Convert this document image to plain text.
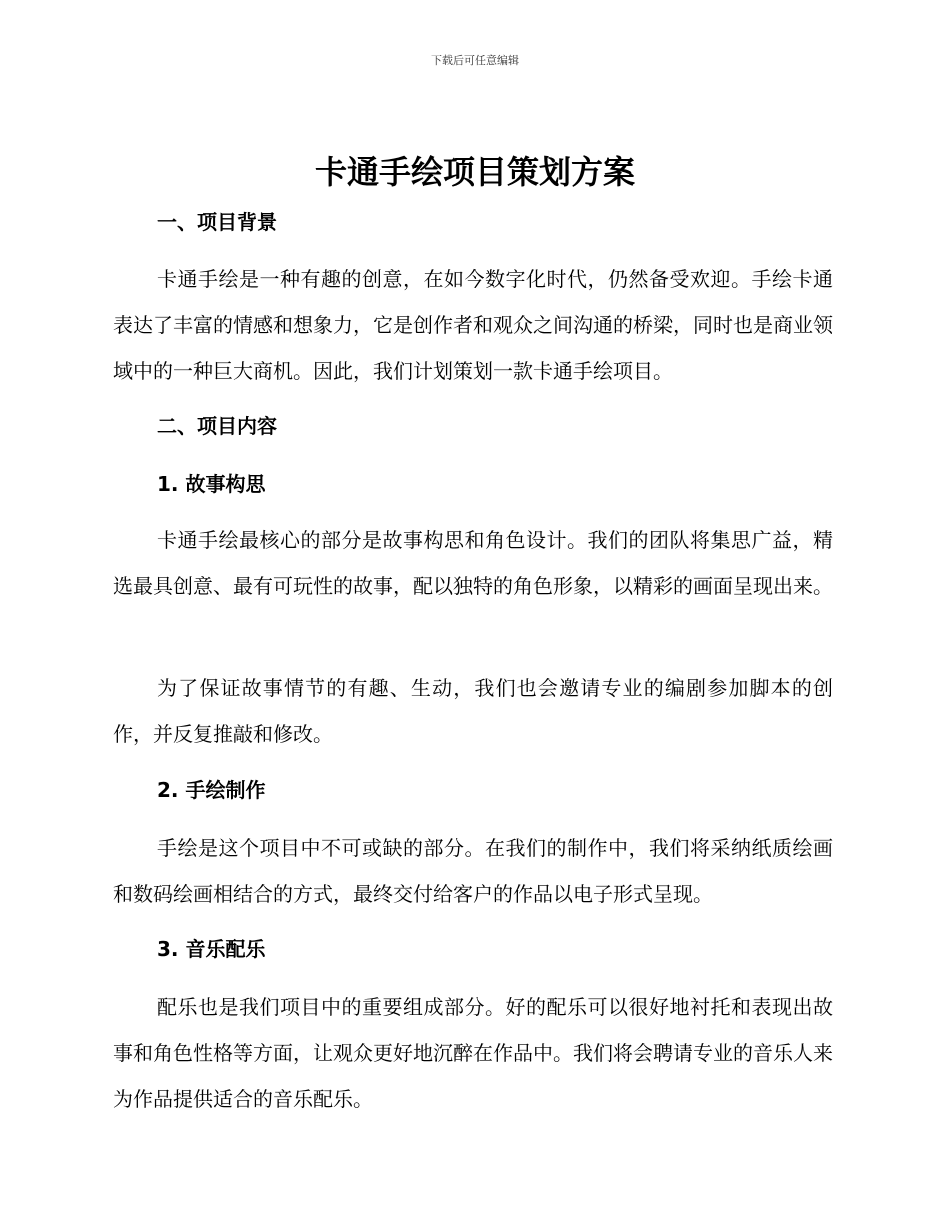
下载后可任意编辑
卡通手绘项目策划方案
一、项目背景

卡通手绘是一种有趣的创意，在如今数字化时代，仍然备受欢迎。手绘卡通表达了丰富的情感和想象力，它是创作者和观众之间沟通的桥梁，同时也是商业领域中的一种巨大商机。因此，我们计划策划一款卡通手绘项目。

二、项目内容
1. 故事构思

卡通手绘最核心的部分是故事构思和角色设计。我们的团队将集思广益，精选最具创意、最有可玩性的故事，配以独特的角色形象，以精彩的画面呈现出来。

为了保证故事情节的有趣、生动，我们也会邀请专业的编剧参加脚本的创作，并反复推敲和修改。

2. 手绘制作

手绘是这个项目中不可或缺的部分。在我们的制作中，我们将采纳纸质绘画和数码绘画相结合的方式，最终交付给客户的作品以电子形式呈现。

3. 音乐配乐

配乐也是我们项目中的重要组成部分。好的配乐可以很好地衬托和表现出故事和角色性格等方面，让观众更好地沉醉在作品中。我们将会聘请专业的音乐人来为作品提供适合的音乐配乐。
